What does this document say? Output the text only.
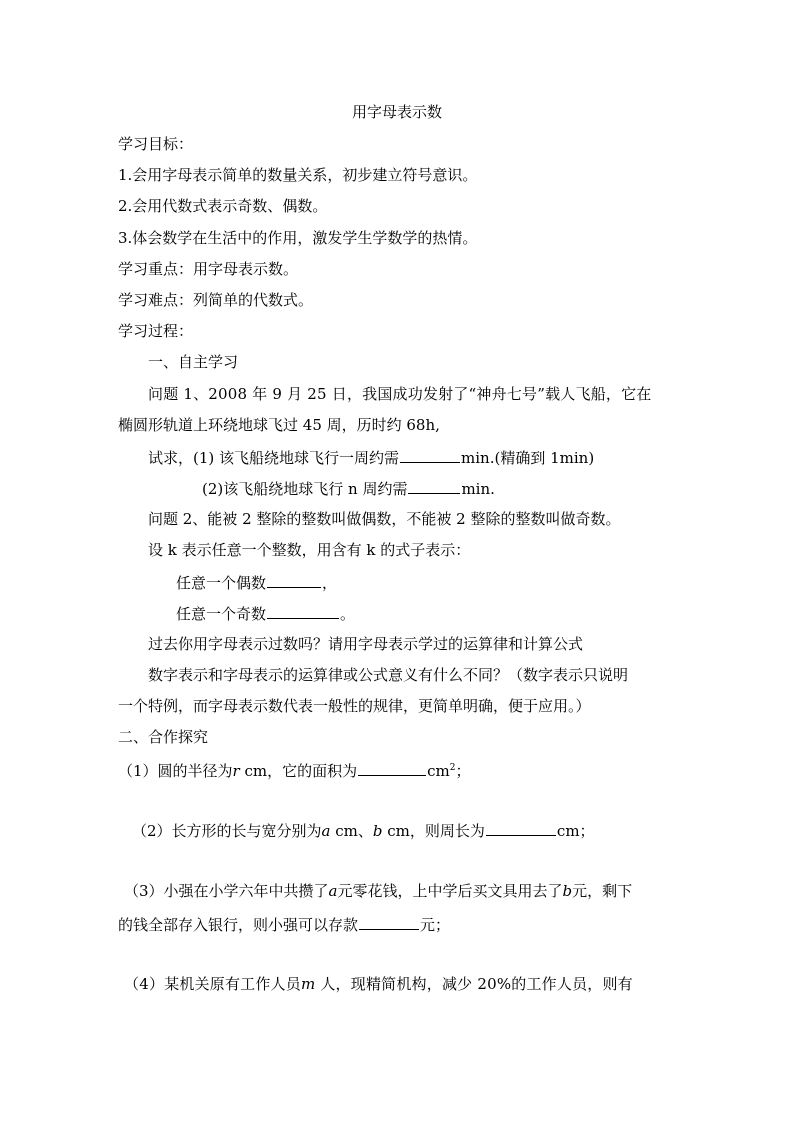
用字母表示数
学习目标：
1.会用字母表示简单的数量关系，初步建立符号意识。
2.会用代数式表示奇数、偶数。
3.体会数学在生活中的作用，激发学生学数学的热情。
学习重点：用字母表示数。
学习难点：列简单的代数式。
学习过程：
一、自主学习
问题 1、2008 年 9 月 25 日，我国成功发射了“神舟七号”载人飞船，它在
椭圆形轨道上环绕地球飞过 45 周，历时约 68h,
试求，(1) 该飞船绕地球飞行一周约需	min.(精确到 1min)
(2)该飞船绕地球飞行 n 周约需	min.
问题 2、能被 2 整除的整数叫做偶数，不能被 2 整除的整数叫做奇数。
设 k 表示任意一个整数，用含有 k 的式子表示：
任意一个偶数	，
任意一个奇数	。
过去你用字母表示过数吗？请用字母表示学过的运算律和计算公式
数字表示和字母表示的运算律或公式意义有什么不同？（数字表示只说明
一个特例，而字母表示数代表一般性的规律，更简单明确，便于应用。）
二、合作探究
（1）圆的半径为r cm，它的面积为	$cm^2$；
（2）长方形的长与宽分别为a cm、b cm，则周长为	cm；
（3）小强在小学六年中共攒了a元零花钱，上中学后买文具用去了b元，剩下
的钱全部存入银行，则小强可以存款	元；
（4）某机关原有工作人员m 人，现精简机构，减少 20%的工作人员，则有
